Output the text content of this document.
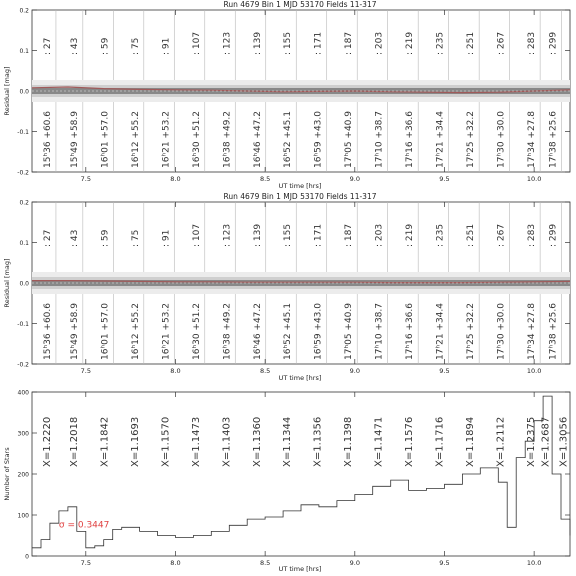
Run 4679 Bin 1 MJD 53170 Fields 11-317
UT time [hrs]
Residual [mag]
7.5	8.0	8.5	9.0	9.5	10.0
-0.2
-0.1
0.0
0.1
0.2
: 27 : 43 : 59 : 75 : 91 : 107 : 123 : 139 : 155 : 171 : 187 : 203 : 219 : 235 : 251 : 267 : 283 : 299
15ʰ36 +60.6 15ʰ49 +58.9 16ʰ01 +57.0 16ʰ12 +55.2 16ʰ21 +53.2 16ʰ30 +51.2 16ʰ38 +49.2 16ʰ46 +47.2 16ʰ52 +45.1 16ʰ59 +43.0 17ʰ05 +40.9 17ʰ10 +38.7 17ʰ16 +36.6 17ʰ21 +34.4 17ʰ25 +32.2 17ʰ30 +30.0 17ʰ34 +27.8 17ʰ38 +25.6
Run 4679 Bin 1 MJD 53170 Fields 11-317
UT time [hrs]
Residual [mag]
7.5	8.0	8.5	9.0	9.5	10.0
-0.2
-0.1
0.0
0.1
0.2
: 27 : 43 : 59 : 75 : 91 : 107 : 123 : 139 : 155 : 171 : 187 : 203 : 219 : 235 : 251 : 267 : 283 : 299
15ʰ36 +60.6 15ʰ49 +58.9 16ʰ01 +57.0 16ʰ12 +55.2 16ʰ21 +53.2 16ʰ30 +51.2 16ʰ38 +49.2 16ʰ46 +47.2 16ʰ52 +45.1 16ʰ59 +43.0 17ʰ05 +40.9 17ʰ10 +38.7 17ʰ16 +36.6 17ʰ21 +34.4 17ʰ25 +32.2 17ʰ30 +30.0 17ʰ34 +27.8 17ʰ38 +25.6
UT time [hrs]
Number of Stars
7.5	8.0	8.5	9.0	9.5	10.0
0
100
200
300
400
X=1.2220 X=1.2018 X=1.1842 X=1.1693 X=1.1570 X=1.1473 X=1.1403 X=1.1360 X=1.1344 X=1.1356 X=1.1398 X=1.1471 X=1.1576 X=1.1716 X=1.1894 X=1.2112 X=1.2375 X=1.2687 X=1.3056
σ = 0.3447
